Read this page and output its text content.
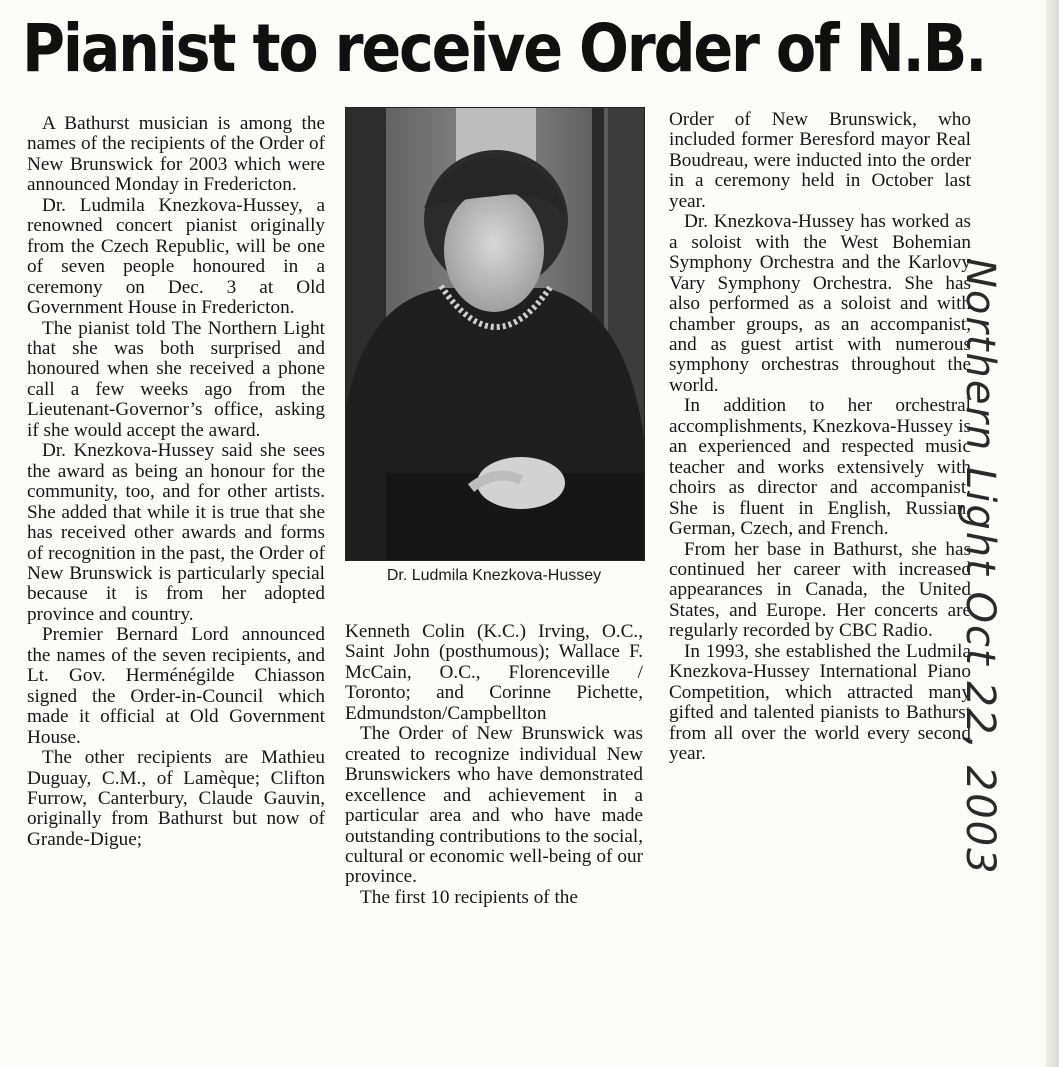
Pianist to receive Order of N.B.

A Bathurst musician is among the names of the recipients of the Order of New Brunswick for 2003 which were announced Monday in Fredericton.

Dr. Ludmila Knezkova-Hussey, a renowned concert pianist originally from the Czech Republic, will be one of seven people honoured in a ceremony on Dec. 3 at Old Government House in Fredericton.

The pianist told The Northern Light that she was both surprised and honoured when she received a phone call a few weeks ago from the Lieutenant-Governor’s office, asking if she would accept the award.

Dr. Knezkova-Hussey said she sees the award as being an honour for the community, too, and for other artists. She added that while it is true that she has received other awards and forms of recognition in the past, the Order of New Brunswick is particularly special because it is from her adopted province and country.

Premier Bernard Lord announced the names of the seven recipients, and Lt. Gov. Herménégilde Chiasson signed the Order-in-Council which made it official at Old Government House.

The other recipients are Mathieu Duguay, C.M., of Lamèque; Clifton Furrow, Canterbury, Claude Gauvin, originally from Bathurst but now of Grande-Digue;

Dr. Ludmila Knezkova-Hussey

Kenneth Colin (K.C.) Irving, O.C., Saint John (posthumous); Wallace F. McCain, O.C., Florenceville / Toronto; and Corinne Pichette, Edmundston/Campbellton

The Order of New Brunswick was created to recognize individual New Brunswickers who have demonstrated excellence and achievement in a particular area and who have made outstanding contributions to the social, cultural or economic well-being of our province.

The first 10 recipients of the

Order of New Brunswick, who included former Beresford mayor Real Boudreau, were inducted into the order in a ceremony held in October last year.

Dr. Knezkova-Hussey has worked as a soloist with the West Bohemian Symphony Orchestra and the Karlovy Vary Symphony Orchestra. She has also performed as a soloist and with chamber groups, as an accompanist, and as guest artist with numerous symphony orchestras throughout the world.

In addition to her orchestral accomplishments, Knezkova-Hussey is an experienced and respected music teacher and works extensively with choirs as director and accompanist. She is fluent in English, Russian, German, Czech, and French.

From her base in Bathurst, she has continued her career with increased appearances in Canada, the United States, and Europe. Her concerts are regularly recorded by CBC Radio.

In 1993, she established the Ludmila Knezkova-Hussey International Piano Competition, which attracted many gifted and talented pianists to Bathurst from all over the world every second year.	Northern Light Oct 22, 2003
